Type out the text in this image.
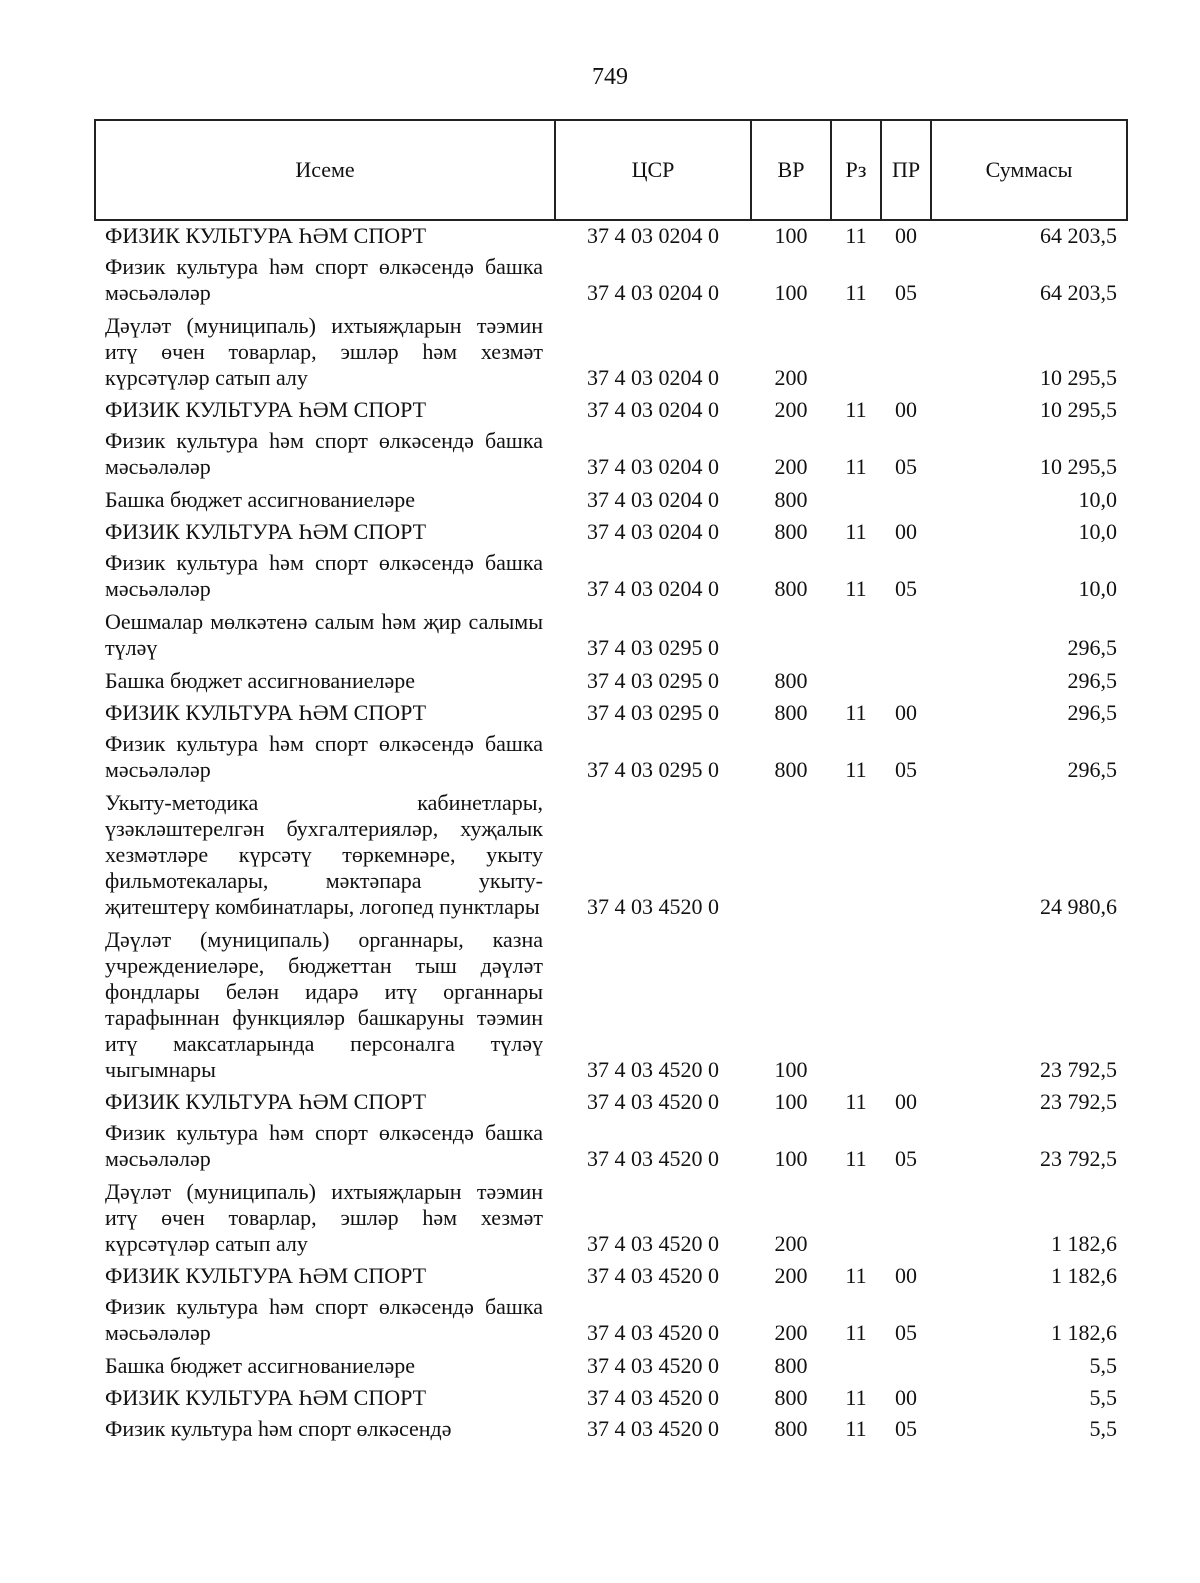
749
Исеме	ЦСР	ВР	Рз	ПР	Суммасы
ФИЗИК КУЛЬТУРА ҺӘМ СПОРТ	37 4 03 0204 0	100	11	00	64 203,5
Физик культура һәм спорт өлкәсендә башка мәсьәләләр	37 4 03 0204 0	100	11	05	64 203,5
Дәүләт (муниципаль) ихтыяҗларын тәэмин итү өчен товарлар, эшләр һәм хезмәт күрсәтүләр сатып алу	37 4 03 0204 0	200			10 295,5
ФИЗИК КУЛЬТУРА ҺӘМ СПОРТ	37 4 03 0204 0	200	11	00	10 295,5
Физик культура һәм спорт өлкәсендә башка мәсьәләләр	37 4 03 0204 0	200	11	05	10 295,5
Башка бюджет ассигнованиеләре	37 4 03 0204 0	800			10,0
ФИЗИК КУЛЬТУРА ҺӘМ СПОРТ	37 4 03 0204 0	800	11	00	10,0
Физик культура һәм спорт өлкәсендә башка мәсьәләләр	37 4 03 0204 0	800	11	05	10,0
Оешмалар мөлкәтенә салым һәм җир салымы түләү	37 4 03 0295 0				296,5
Башка бюджет ассигнованиеләре	37 4 03 0295 0	800			296,5
ФИЗИК КУЛЬТУРА ҺӘМ СПОРТ	37 4 03 0295 0	800	11	00	296,5
Физик культура һәм спорт өлкәсендә башка мәсьәләләр	37 4 03 0295 0	800	11	05	296,5
Укыту-методика кабинетлары, үзәкләштерелгән бухгалтерияләр, хуҗалык хезмәтләре күрсәтү төркемнәре, укыту фильмотекалары, мәктәпара укыту-җитештерү комбинатлары, логопед пунктлары	37 4 03 4520 0				24 980,6
Дәүләт (муниципаль) органнары, казна учреждениеләре, бюджеттан тыш дәүләт фондлары белән идарә итү органнары тарафыннан функцияләр башкаруны тәэмин итү максатларында персоналга түләү чыгымнары	37 4 03 4520 0	100			23 792,5
ФИЗИК КУЛЬТУРА ҺӘМ СПОРТ	37 4 03 4520 0	100	11	00	23 792,5
Физик культура һәм спорт өлкәсендә башка мәсьәләләр	37 4 03 4520 0	100	11	05	23 792,5
Дәүләт (муниципаль) ихтыяҗларын тәэмин итү өчен товарлар, эшләр һәм хезмәт күрсәтүләр сатып алу	37 4 03 4520 0	200			1 182,6
ФИЗИК КУЛЬТУРА ҺӘМ СПОРТ	37 4 03 4520 0	200	11	00	1 182,6
Физик культура һәм спорт өлкәсендә башка мәсьәләләр	37 4 03 4520 0	200	11	05	1 182,6
Башка бюджет ассигнованиеләре	37 4 03 4520 0	800			5,5
ФИЗИК КУЛЬТУРА ҺӘМ СПОРТ	37 4 03 4520 0	800	11	00	5,5
Физик культура һәм спорт өлкәсендә	37 4 03 4520 0	800	11	05	5,5
